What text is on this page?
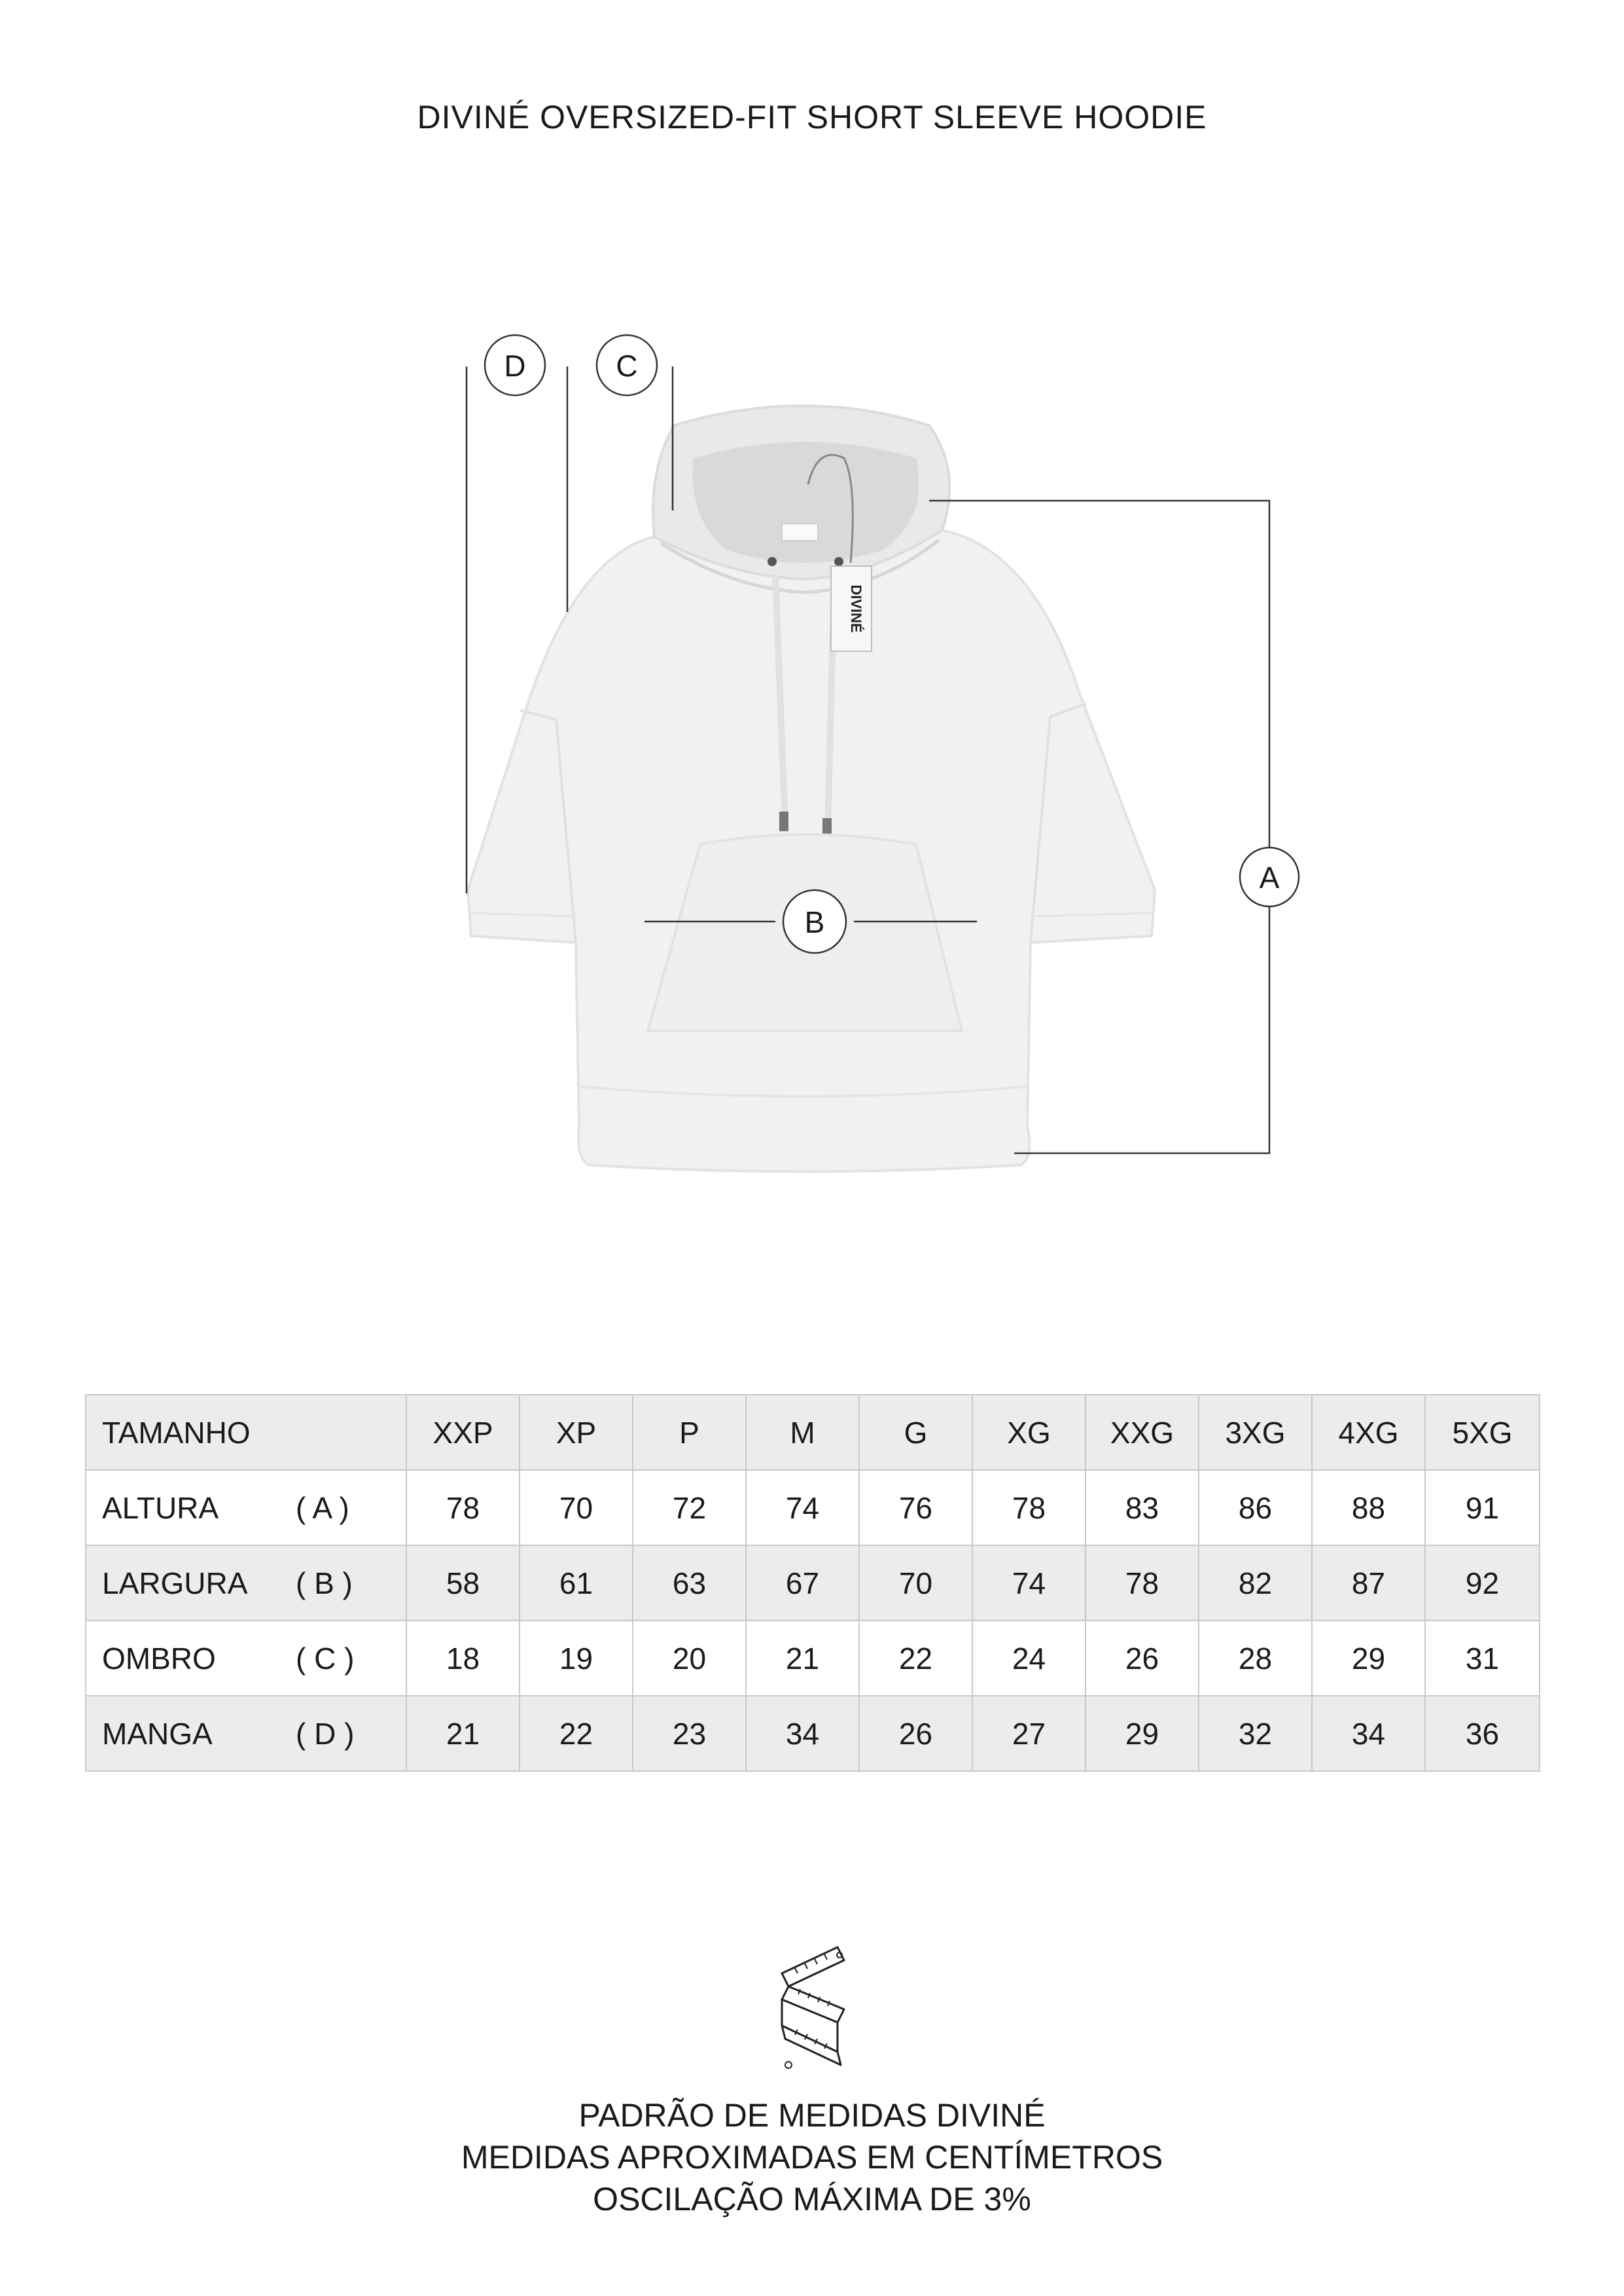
DIVINÉ OVERSIZED-FIT SHORT SLEEVE HOODIE
DIVINÉ
A
B
C
D
TAMANHO	XXP	XP	P	M	G	XG	XXG	3XG	4XG	5XG
ALTURA ( A )	78	70	72	74	76	78	83	86	88	91
LARGURA ( B )	58	61	63	67	70	74	78	82	87	92
OMBRO ( C )	18	19	20	21	22	24	26	28	29	31
MANGA ( D )	21	22	23	34	26	27	29	32	34	36
PADRÃO DE MEDIDAS DIVINÉ
MEDIDAS APROXIMADAS EM CENTÍMETROS
OSCILAÇÃO MÁXIMA DE 3%
